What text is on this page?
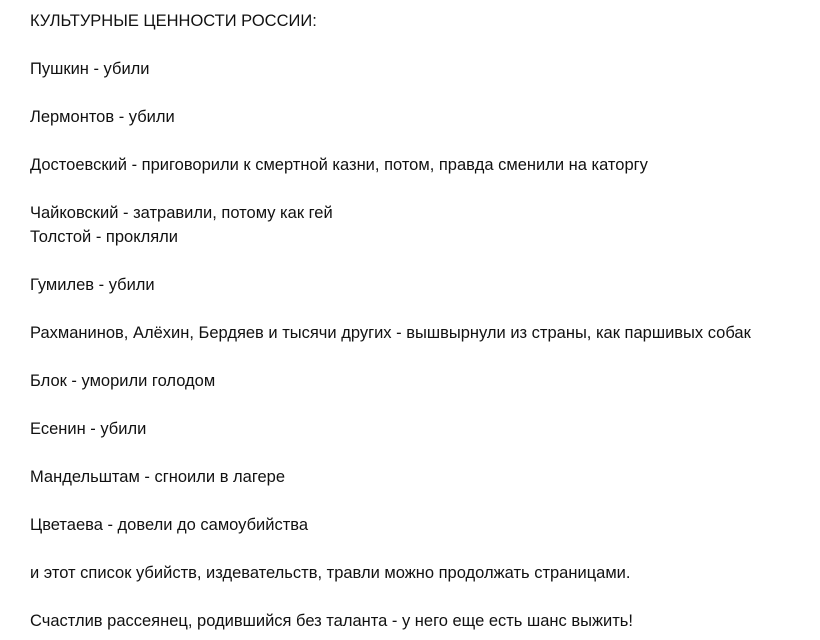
КУЛЬТУРНЫЕ ЦЕННОСТИ РОССИИ:
Пушкин - убили
Лермонтов - убили
Достоевский - приговорили к смертной казни, потом, правда сменили на каторгу
Чайковский - затравили, потому как гей
Толстой - прокляли
Гумилев - убили
Рахманинов, Алёхин, Бердяев и тысячи других - вышвырнули из страны, как паршивых собак
Блок - уморили голодом
Есенин - убили
Мандельштам - сгноили в лагере
Цветаева - довели до самоубийства
и этот список убийств, издевательств, травли можно продолжать страницами.
Счастлив рассеянец, родившийся без таланта - у него еще есть шанс выжить!
